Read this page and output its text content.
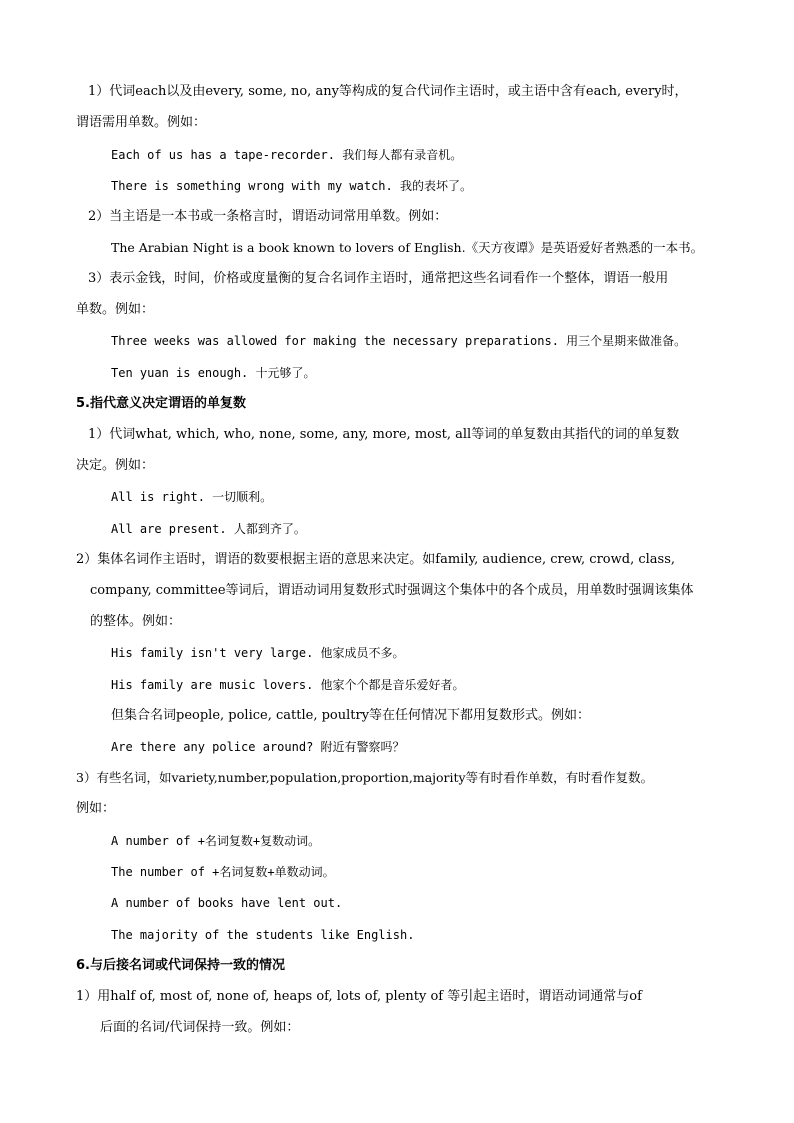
1）代词each以及由every, some, no, any等构成的复合代词作主语时，或主语中含有each, every时，
谓语需用单数。例如：
Each of us has a tape-recorder. 我们每人都有录音机。
There is something wrong with my watch. 我的表坏了。
2）当主语是一本书或一条格言时，谓语动词常用单数。例如：
The Arabian Night is a book known to lovers of English.《天方夜谭》是英语爱好者熟悉的一本书。
3）表示金钱，时间，价格或度量衡的复合名词作主语时，通常把这些名词看作一个整体，谓语一般用
单数。例如：
Three weeks was allowed for making the necessary preparations. 用三个星期来做准备。
Ten yuan is enough. 十元够了。
5.指代意义决定谓语的单复数
1）代词what, which, who, none, some, any, more, most, all等词的单复数由其指代的词的单复数
决定。例如：
All is right. 一切顺利。
All are present. 人都到齐了。
2）集体名词作主语时，谓语的数要根据主语的意思来决定。如family, audience, crew, crowd, class,
company, committee等词后，谓语动词用复数形式时强调这个集体中的各个成员，用单数时强调该集体
的整体。例如：
His family isn't very large. 他家成员不多。
His family are music lovers. 他家个个都是音乐爱好者。
但集合名词people, police, cattle, poultry等在任何情况下都用复数形式。例如：
Are there any police around? 附近有警察吗？
3）有些名词，如variety,number,population,proportion,majority等有时看作单数，有时看作复数。
例如：
A number of +名词复数+复数动词。
The number of +名词复数+单数动词。
A number of books have lent out.
The majority of the students like English.
6.与后接名词或代词保持一致的情况
1）用half of, most of, none of, heaps of, lots of, plenty of 等引起主语时，谓语动词通常与of
后面的名词/代词保持一致。例如：
